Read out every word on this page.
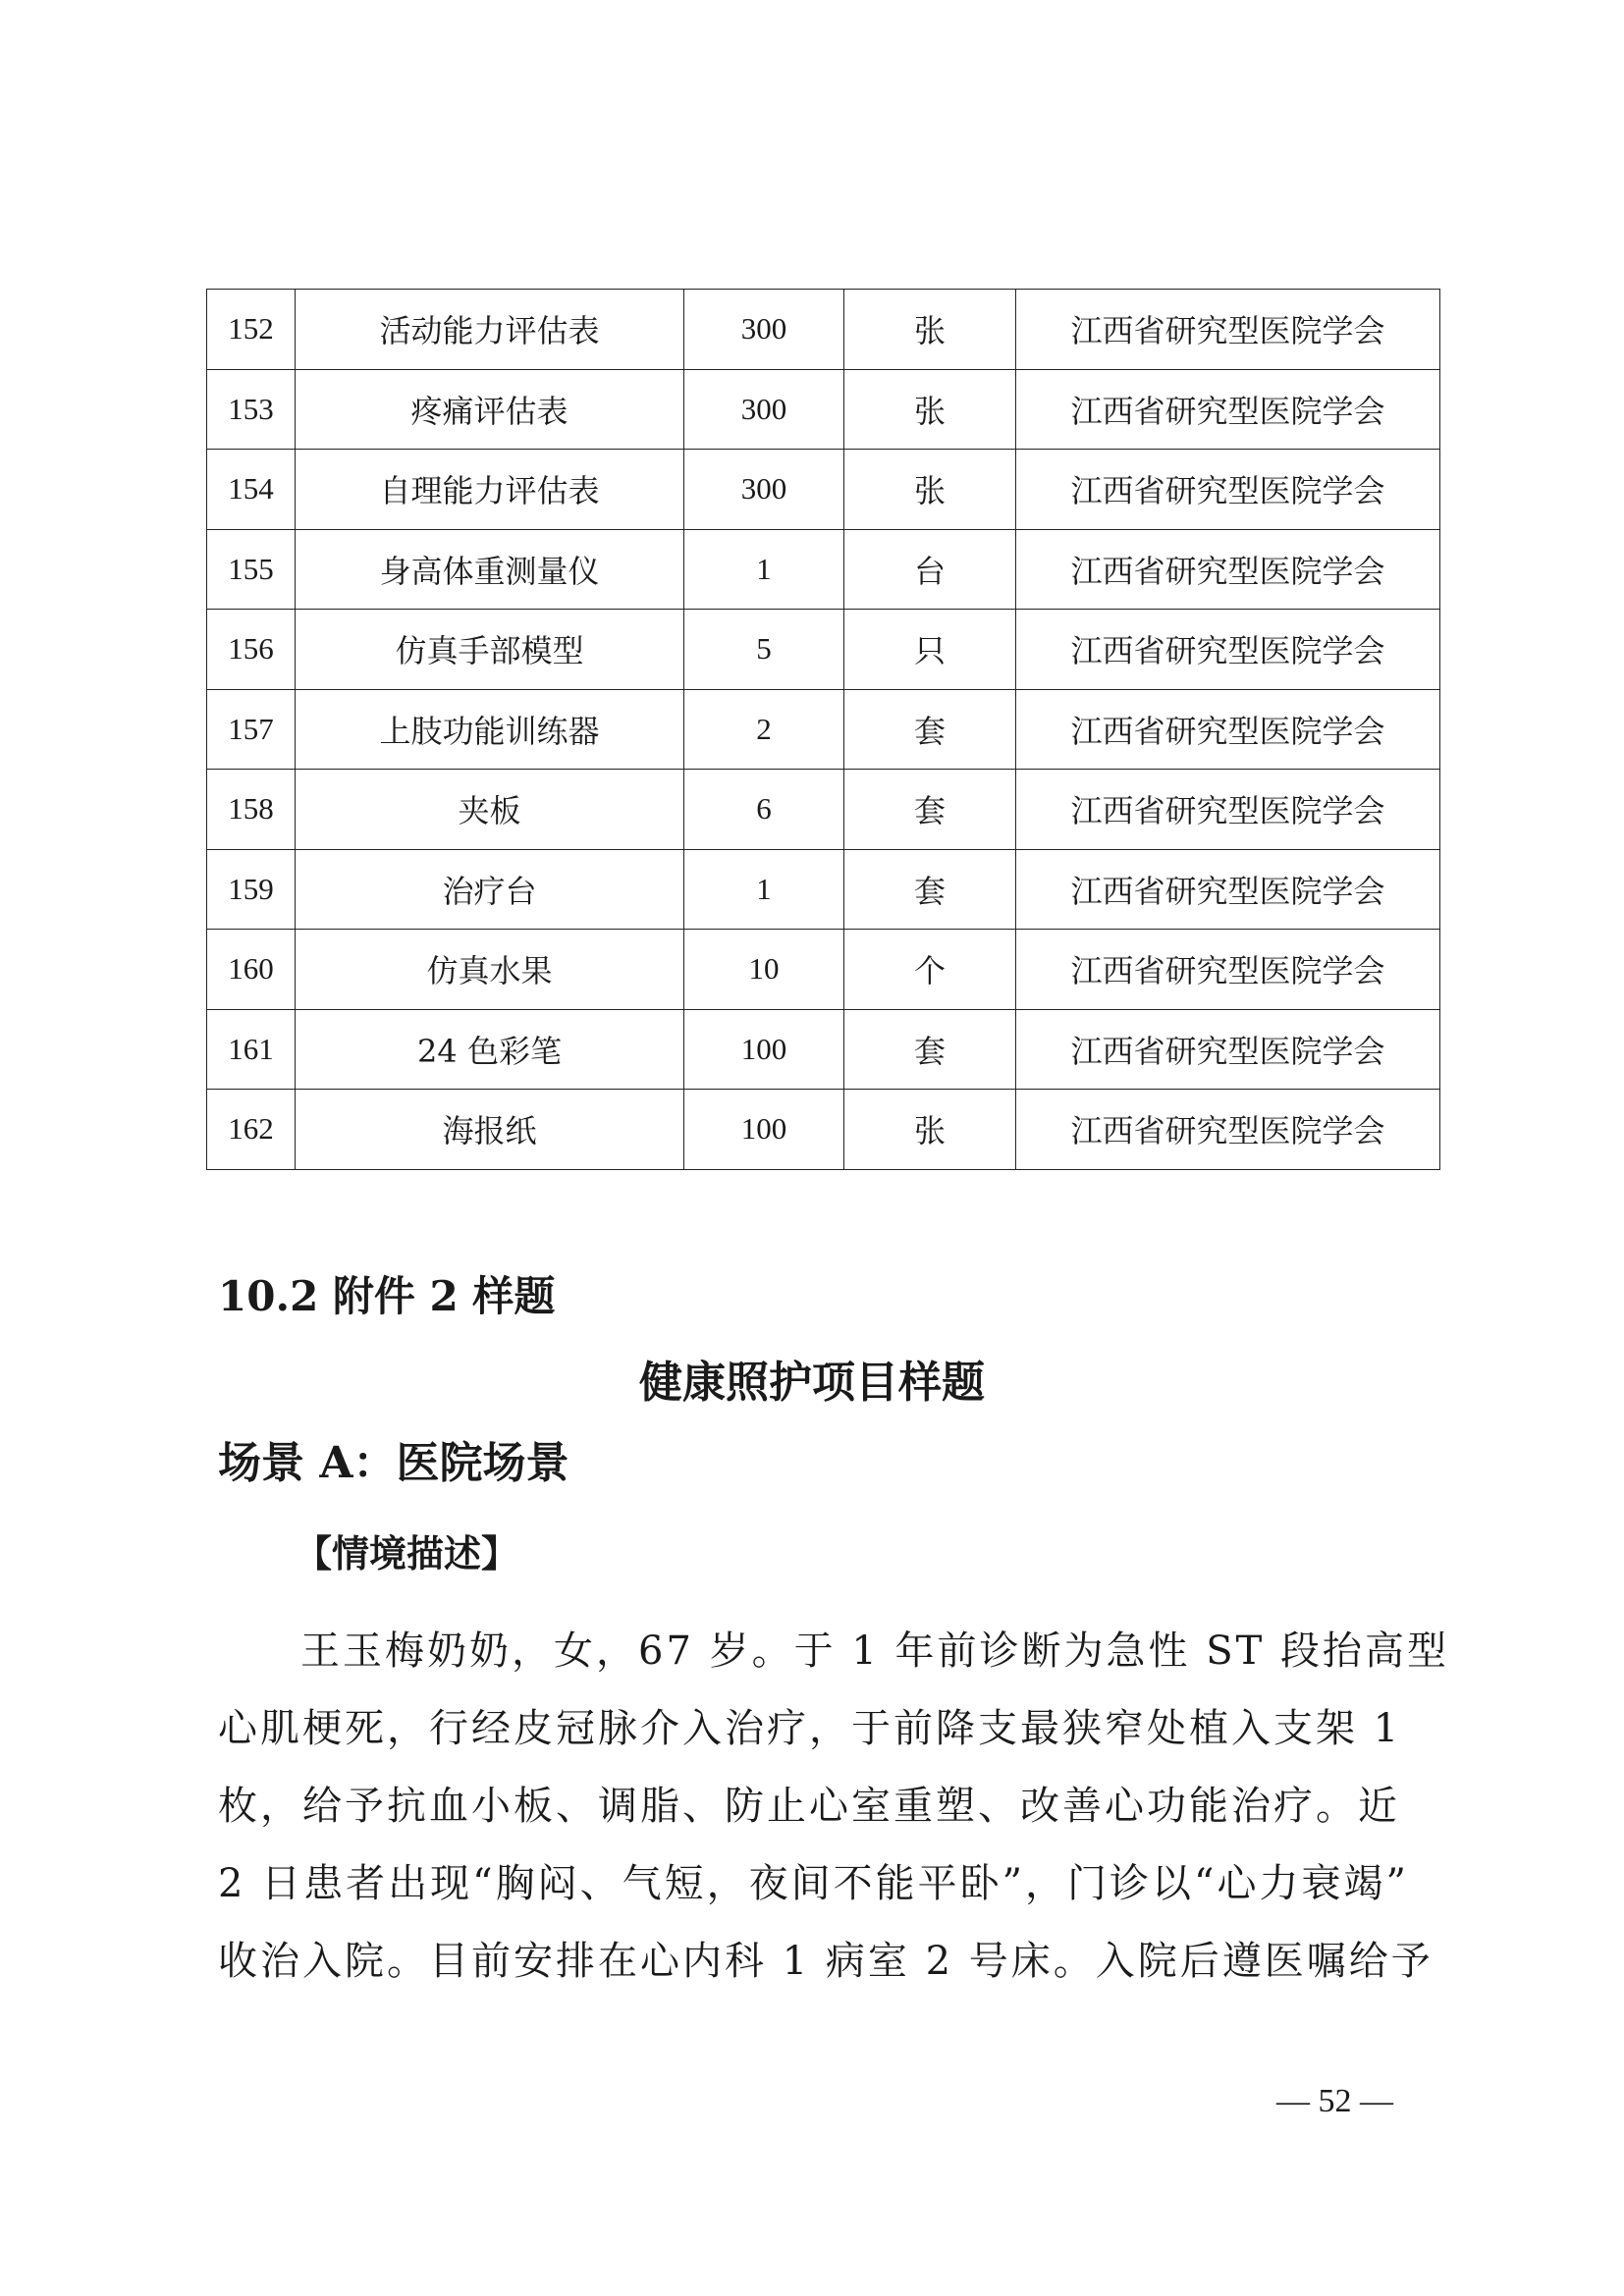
152	活动能力评估表	300	张	江西省研究型医院学会
153	疼痛评估表	300	张	江西省研究型医院学会
154	自理能力评估表	300	张	江西省研究型医院学会
155	身高体重测量仪	1	台	江西省研究型医院学会
156	仿真手部模型	5	只	江西省研究型医院学会
157	上肢功能训练器	2	套	江西省研究型医院学会
158	夹板	6	套	江西省研究型医院学会
159	治疗台	1	套	江西省研究型医院学会
160	仿真水果	10	个	江西省研究型医院学会
161	24 色彩笔	100	套	江西省研究型医院学会
162	海报纸	100	张	江西省研究型医院学会
10.2 附件 2 样题
健康照护项目样题
场景 A：医院场景
【情境描述】
王玉梅奶奶，女，67 岁。于 1 年前诊断为急性 ST 段抬高型
心肌梗死，行经皮冠脉介入治疗，于前降支最狭窄处植入支架 1
枚，给予抗血小板、调脂、防止心室重塑、改善心功能治疗。近
2 日患者出现“胸闷、气短，夜间不能平卧”，门诊以“心力衰竭”
收治入院。目前安排在心内科 1 病室 2 号床。入院后遵医嘱给予
— 52 —
